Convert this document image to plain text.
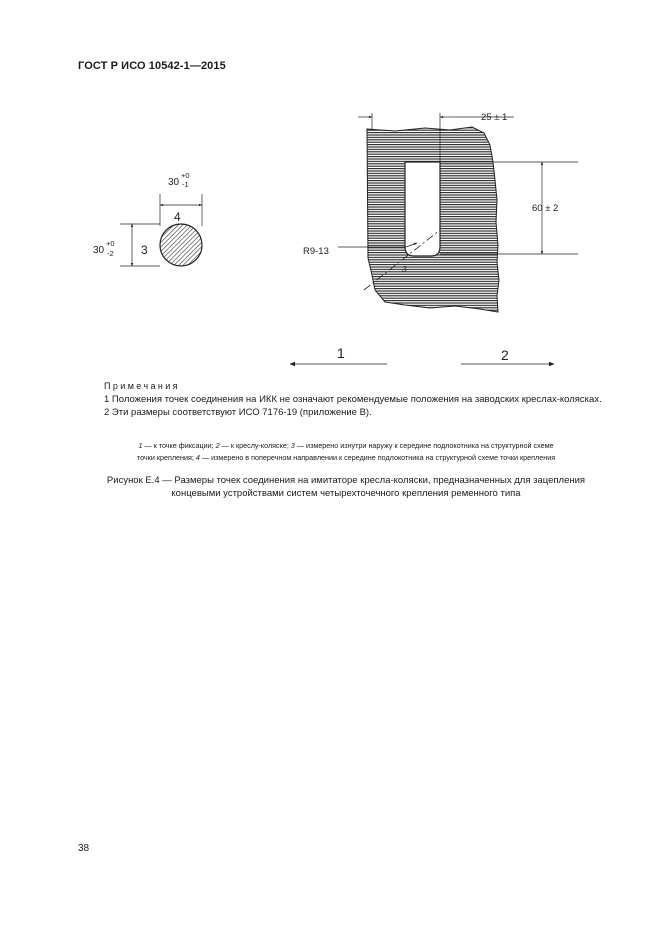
ГОСТ Р ИСО 10542-1—2015
4
30
+0
-1
3
30
+0
-2
25 ± 1
60 ± 2
R9-13
3
1	2
Примечания

1 Положения точек соединения на ИКК не означают рекомендуемые положения на заводских креслах-колясках.

2 Эти размеры соответствуют ИСО 7176-19 (приложение В).

1 — к точке фиксации; 2 — к креслу-коляске; 3 — измерено изнутри наружу к середине подлокотника на структурной схеме
точки крепления; 4 — измерено в поперечном направлении к середине подлокотника на структурной схеме точки крепления
Рисунок Е.4 — Размеры точек соединения на имитаторе кресла-коляски, предназначенных для зацепления
концевыми устройствами систем четырехточечного крепления ременного типа
38
